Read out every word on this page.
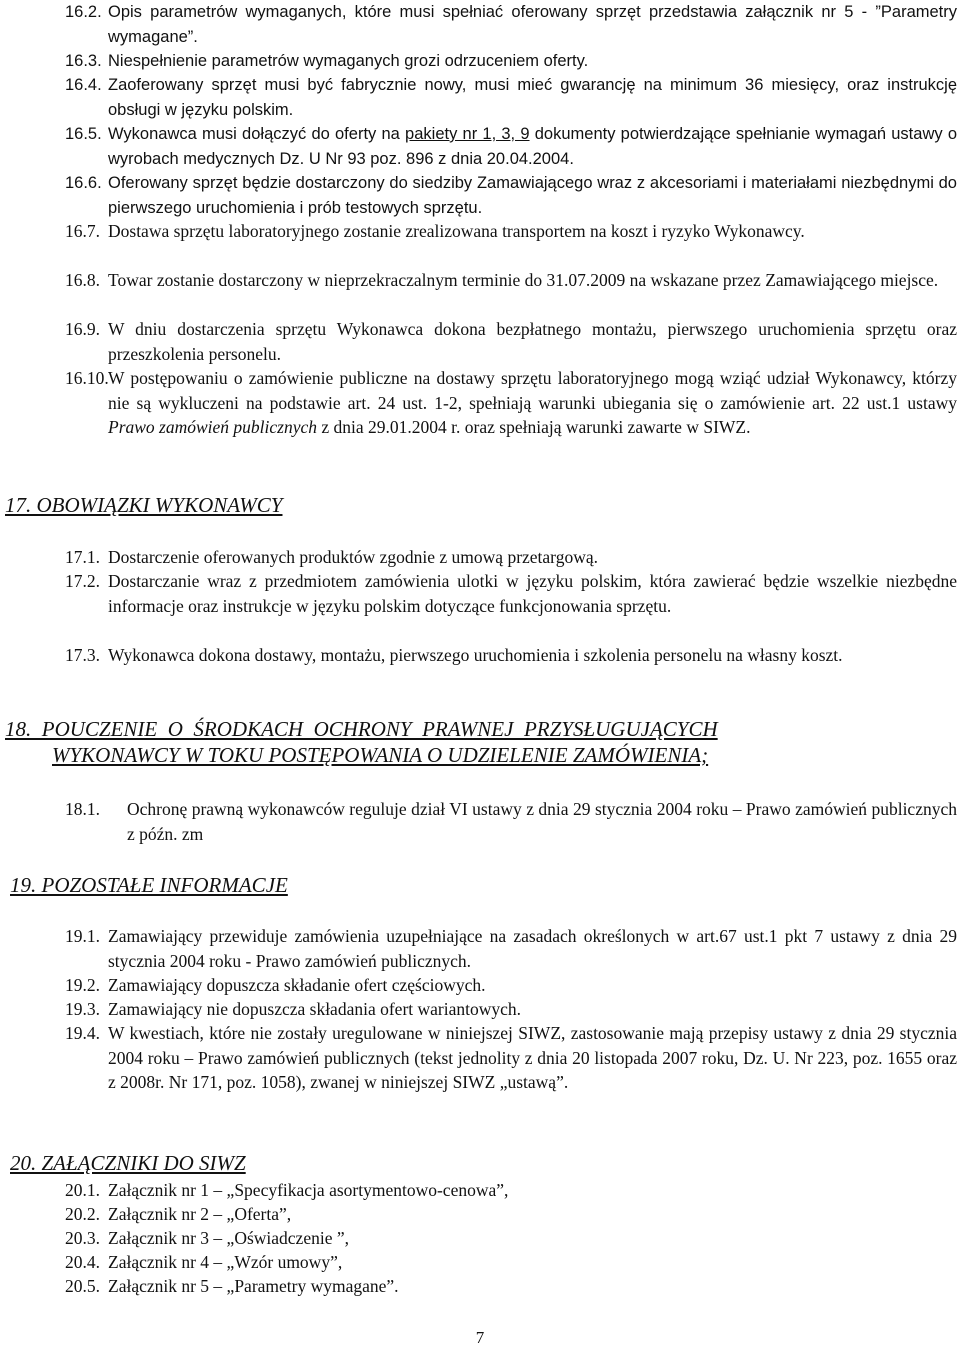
16.2. Opis parametrów wymaganych, które musi spełniać oferowany sprzęt przedstawia załącznik nr 5 - ”Parametry wymagane”.
16.3. Niespełnienie parametrów wymaganych grozi odrzuceniem oferty.
16.4. Zaoferowany sprzęt musi być fabrycznie nowy, musi mieć gwarancję na minimum 36 miesięcy, oraz instrukcję obsługi w języku polskim.
16.5. Wykonawca musi dołączyć do oferty na pakiety nr 1, 3, 9 dokumenty potwierdzające spełnianie wymagań ustawy o wyrobach medycznych Dz. U Nr 93 poz. 896 z dnia 20.04.2004.
16.6. Oferowany sprzęt będzie dostarczony do siedziby Zamawiającego wraz z akcesoriami i materiałami niezbędnymi do pierwszego uruchomienia i prób testowych sprzętu.
16.7. Dostawa sprzętu laboratoryjnego zostanie zrealizowana transportem na koszt i ryzyko Wykonawcy.
16.8. Towar zostanie dostarczony w nieprzekraczalnym terminie do 31.07.2009 na wskazane przez Zamawiającego miejsce.
16.9. W dniu dostarczenia sprzętu Wykonawca dokona bezpłatnego montażu, pierwszego uruchomienia sprzętu oraz przeszkolenia personelu.
16.10. W postępowaniu o zamówienie publiczne na dostawy sprzętu laboratoryjnego mogą wziąć udział Wykonawcy, którzy nie są wykluczeni na podstawie art. 24 ust. 1-2, spełniają warunki ubiegania się o zamówienie art. 22 ust.1 ustawy Prawo zamówień publicznych z dnia 29.01.2004 r. oraz spełniają warunki zawarte w SIWZ.
17. OBOWIĄZKI WYKONAWCY
17.1. Dostarczenie oferowanych produktów zgodnie z umową przetargową.
17.2. Dostarczanie wraz z przedmiotem zamówienia ulotki w języku polskim, która zawierać będzie wszelkie niezbędne informacje oraz instrukcje w języku polskim dotyczące funkcjonowania sprzętu.
17.3. Wykonawca dokona dostawy, montażu, pierwszego uruchomienia i szkolenia personelu na własny koszt.
18.  POUCZENIE  O  ŚRODKACH  OCHRONY  PRAWNEJ  PRZYSŁUGUJĄCYCH
WYKONAWCY W TOKU POSTĘPOWANIA O UDZIELENIE ZAMÓWIENIA;
18.1. Ochronę prawną wykonawców reguluje dział VI ustawy z dnia 29 stycznia 2004 roku – Prawo zamówień publicznych z późn. zm
19. POZOSTAŁE INFORMACJE
19.1. Zamawiający przewiduje zamówienia uzupełniające na zasadach określonych w art.67 ust.1 pkt 7 ustawy z dnia 29 stycznia 2004 roku - Prawo zamówień publicznych.
19.2. Zamawiający dopuszcza składanie ofert częściowych.
19.3. Zamawiający nie dopuszcza składania ofert wariantowych.
19.4. W kwestiach, które nie zostały uregulowane w niniejszej SIWZ, zastosowanie mają przepisy ustawy z dnia 29 stycznia 2004 roku – Prawo zamówień publicznych (tekst jednolity z dnia 20 listopada 2007 roku, Dz. U. Nr 223, poz. 1655 oraz z 2008r. Nr 171, poz. 1058), zwanej w niniejszej SIWZ „ustawą”.
20. ZAŁĄCZNIKI DO SIWZ
20.1. Załącznik nr 1 – „Specyfikacja asortymentowo-cenowa”,
20.2. Załącznik nr 2 – „Oferta”,
20.3. Załącznik nr 3 – „Oświadczenie ”,
20.4. Załącznik nr 4 – „Wzór umowy”,
20.5. Załącznik nr 5 – „Parametry wymagane”.
7
